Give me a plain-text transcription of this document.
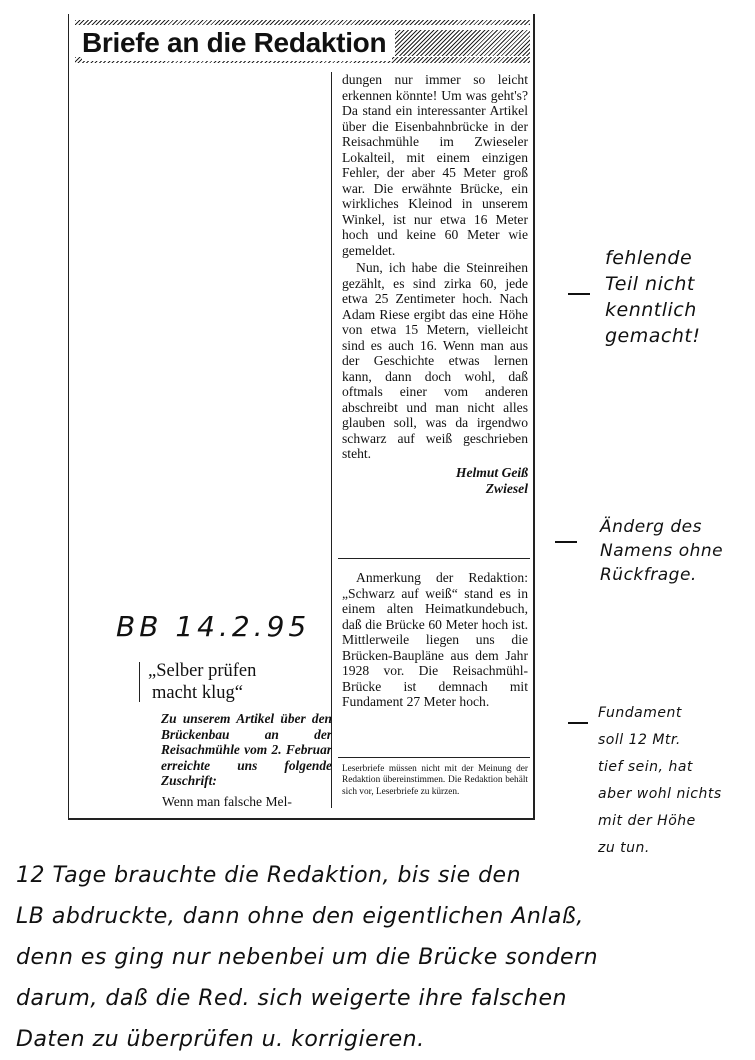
Briefe an die Redaktion

dungen nur immer so leicht erkennen könnte! Um was geht's? Da stand ein interessanter Artikel über die Eisenbahnbrücke in der Reisachmühle im Zwieseler Lokalteil, mit einem einzigen Fehler, der aber 45 Meter groß war. Die erwähnte Brücke, ein wirkliches Kleinod in unserem Winkel, ist nur etwa 16 Meter hoch und keine 60 Meter wie gemeldet.

Nun, ich habe die Steinreihen gezählt, es sind zirka 60, jede etwa 25 Zentimeter hoch. Nach Adam Riese ergibt das eine Höhe von etwa 15 Metern, vielleicht sind es auch 16. Wenn man aus der Geschichte etwas lernen kann, dann doch wohl, daß oftmals einer vom anderen abschreibt und man nicht alles glauben soll, was da irgendwo schwarz auf weiß geschrieben steht.

Helmut Geiß
Zwiesel
Anmerkung der Redaktion: „Schwarz auf weiß“ stand es in einem alten Heimatkundebuch, daß die Brücke 60 Meter hoch ist. Mittlerweile liegen uns die Brücken-Baupläne aus dem Jahr 1928 vor. Die Reisachmühl-Brücke ist demnach mit Fundament 27 Meter hoch.
Leserbriefe müssen nicht mit der Meinung der Redaktion übereinstimmen. Die Redaktion behält sich vor, Leserbriefe zu kürzen.
„Selber prüfen
macht klug“
Zu unserem Artikel über den Brückenbau an der Reisachmühle vom 2. Februar erreichte uns folgende Zuschrift:
Wenn man falsche Mel-
BB 14.2.95
fehlende
Teil nicht
kenntlich
gemacht!
Änderg des
Namens ohne
Rückfrage.
Fundament
soll 12 Mtr.
tief sein, hat
aber wohl nichts
mit der Höhe
zu tun.
12 Tage brauchte die Redaktion, bis sie den
LB abdruckte, dann ohne den eigentlichen Anlaß,
denn es ging nur nebenbei um die Brücke sondern
darum, daß die Red. sich weigerte ihre falschen
Daten zu überprüfen u. korrigieren.
